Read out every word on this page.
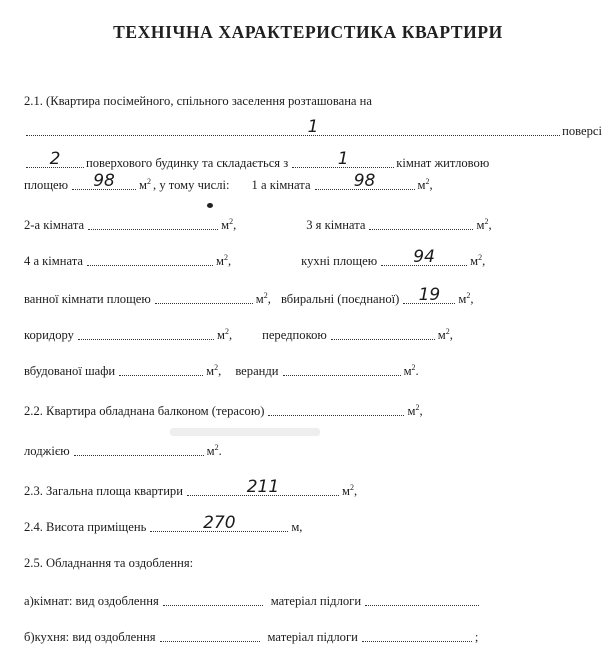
ТЕХНІЧНА ХАРАКТЕРИСТИКА КВАРТИРИ
2.1. (Квартира посімейного, спільного заселення розташована на
1	поверсі
2	поверхового будинку та складається з	1	кімнат житловою
площею	98	$м^2$ , у тому числі: 1 а кімната	98	$м^2$,
2-а кімната	$м^2$,	3 я кімната	$м^2$,
4 а кімната	$м^2$,	кухні площею	94	$м^2$,
ванної кімнати площею	$м^2$, вбиральні (поєднаної)	19	$м^2$,
коридору	$м^2$, передпокою	$м^2$,
вбудованої шафи	$м^2$, веранди	$м^2$.
2.2. Квартира обладнана балконом (терасою)	$м^2$,
лоджією	$м^2$.
2.3. Загальна площа квартири	211	$м^2$,
2.4. Висота приміщень	270	м,
2.5. Обладнання та оздоблення:
а)кімнат: вид оздоблення	матеріал підлоги
б)кухня: вид оздоблення	матеріал підлоги	;
